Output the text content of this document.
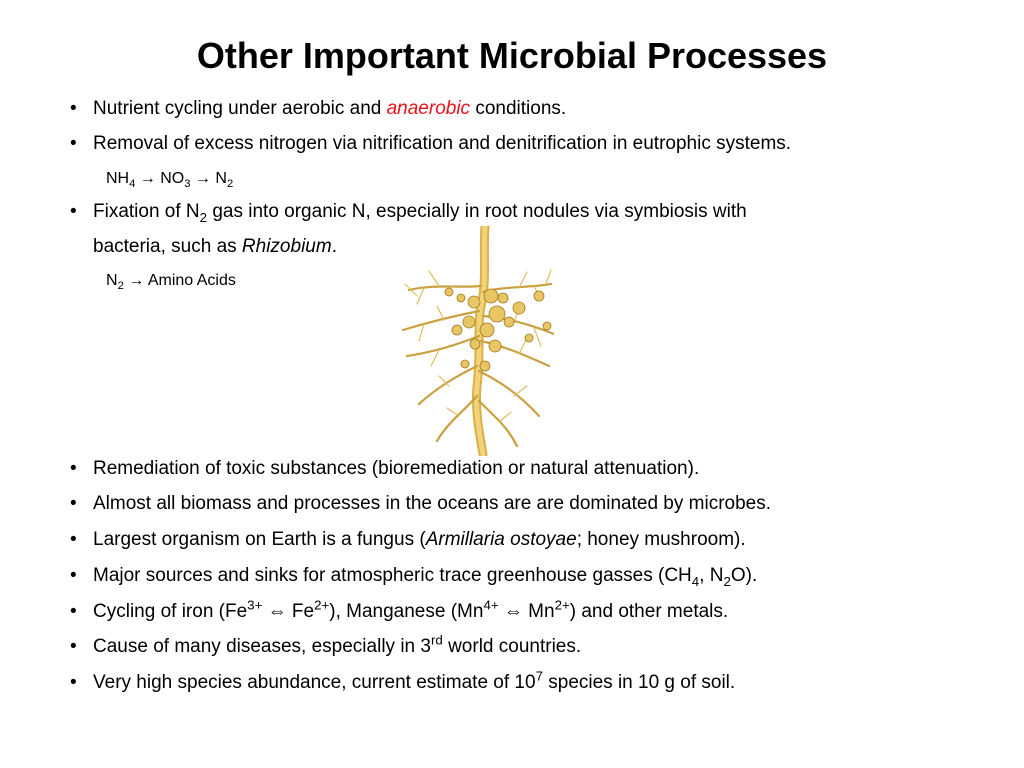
Other Important Microbial Processes
• Nutrient cycling under aerobic and anaerobic conditions.
• Removal of excess nitrogen via nitrification and denitrification in eutrophic systems.
$NH_4 \to NO_3 \to N_2$
• Fixation of $N_2$ gas into organic N, especially in root nodules via symbiosis with
bacteria, such as Rhizobium.
$N_2 \to Amino$ Acids
• Remediation of toxic substances (bioremediation or natural attenuation).
• Almost all biomass and processes in the oceans are are dominated by microbes.
• Largest organism on Earth is a fungus (Armillaria ostoyae; honey mushroom).
• Major sources and sinks for atmospheric trace greenhouse gasses ($CH_4$, $N_2O$).
• Cycling of iron ($Fe^{3+}$ ⇔ $Fe^{2+}$), Manganese ($Mn^{4+}$ ⇔ $Mn^{2+}$) and other metals.
• Cause of many diseases, especially in 3rd world countries.
• Very high species abundance, current estimate of $10^7$ species in 10 g of soil.
